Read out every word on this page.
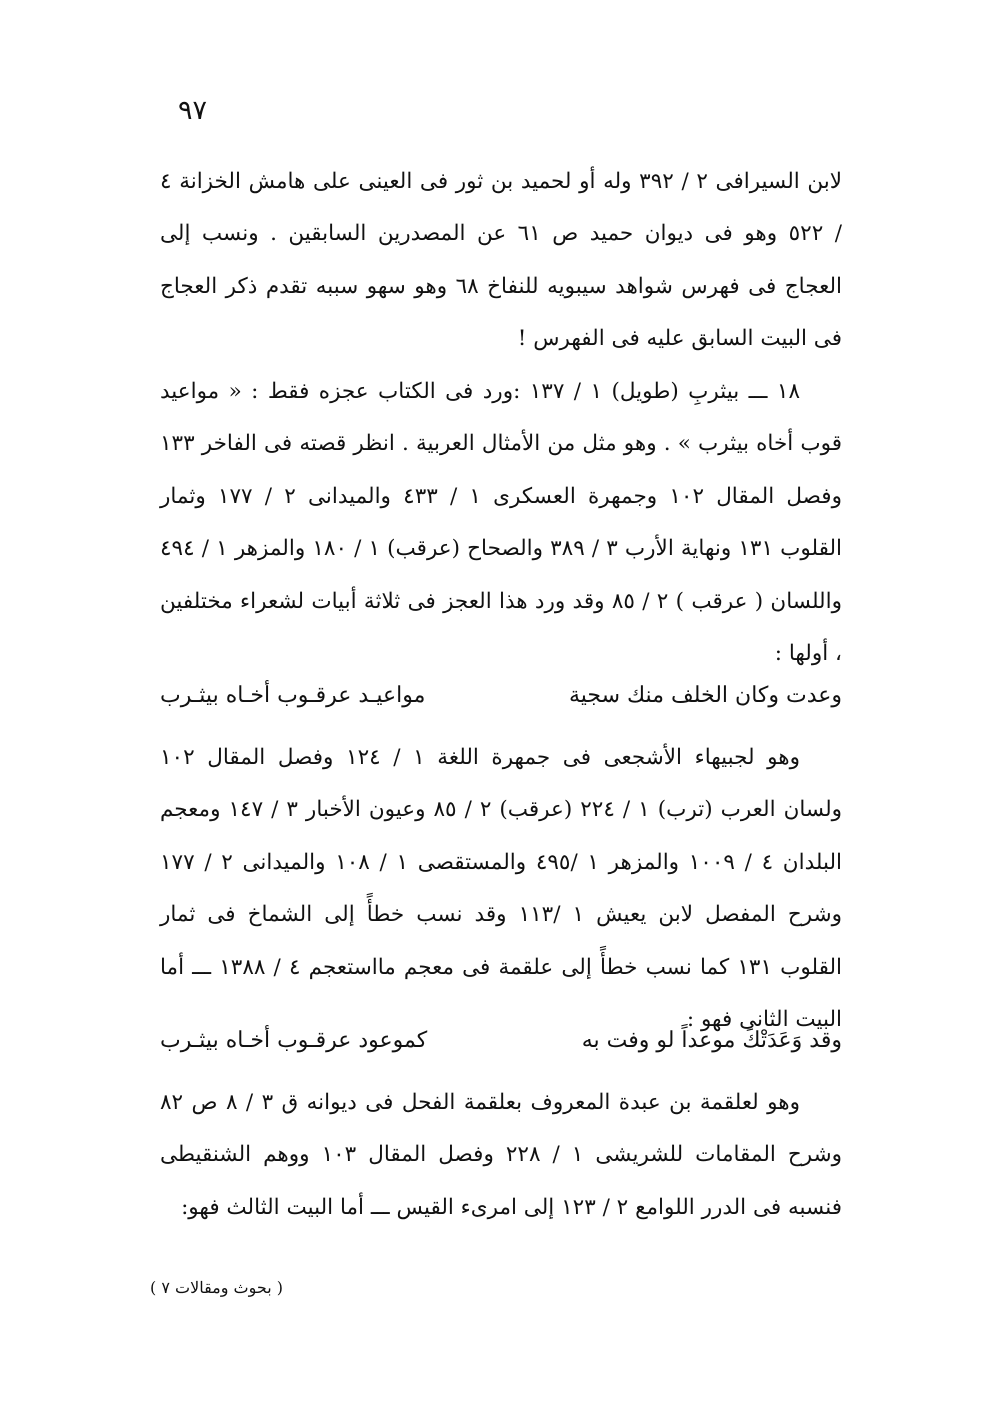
٩٧

لابن السيرافى ٢ / ٣٩٢ وله أو لحميد بن ثور فى العينى على هامش الخزانة ٤ / ٥٢٢ وهو فى ديوان حميد ص ٦١ عن المصدرين السابقين . ونسب إلى العجاج فى فهرس شواهد سيبويه للنفاخ ٦٨ وهو سهو سببه تقدم ذكر العجاج فى البيت السابق عليه فى الفهرس !

١٨ ـــ بيثربِ (طويل) ١ / ١٣٧ :ورد فى الكتاب عجزه فقط : « مواعيد قوب أخاه بيثرب » . وهو مثل من الأمثال العربية . انظر قصته فى الفاخر ١٣٣ وفصل المقال ١٠٢ وجمهرة العسكرى ١ / ٤٣٣ والميدانى ٢ / ١٧٧ وثمار القلوب ١٣١ ونهاية الأرب ٣ / ٣٨٩ والصحاح (عرقب) ١ / ١٨٠ والمزهر ١ / ٤٩٤ واللسان ( عرقب ) ٢ / ٨٥ وقد ورد هذا العجز فى ثلاثة أبيات لشعراء مختلفين ، أولها :

وعدت وكان الخلف منك سجية
مواعيـد عرقـوب أخـاه بيثـرب

وهو لجبيهاء الأشجعى فى جمهرة اللغة ١ / ١٢٤ وفصل المقال ١٠٢ ولسان العرب (ترب) ١ / ٢٢٤ (عرقب) ٢ / ٨٥ وعيون الأخبار ٣ / ١٤٧ ومعجم البلدان ٤ / ١٠٠٩ والمزهر ١ /٤٩٥ والمستقصى ١ / ١٠٨ والميدانى ٢ / ١٧٧ وشرح المفصل لابن يعيش ١ /١١٣ وقد نسب خطأً إلى الشماخ فى ثمار القلوب ١٣١ كما نسب خطأً إلى علقمة فى معجم مااستعجم ٤ / ١٣٨٨ ـــ أما البيت الثانى فهو :

وقد وَعَدَتْكَ موعداً لو وفت به
كموعود عرقـوب أخـاه بيثـرب

وهو لعلقمة بن عبدة المعروف بعلقمة الفحل فى ديوانه ق ٣ / ٨ ص ٨٢ وشرح المقامات للشريشى ١ / ٢٢٨ وفصل المقال ١٠٣ ووهم الشنقيطى فنسبه فى الدرر اللوامع ٢ / ١٢٣ إلى امرىء القيس ـــ أما البيت الثالث فهو:

( بحوث ومقالات ٧ )
